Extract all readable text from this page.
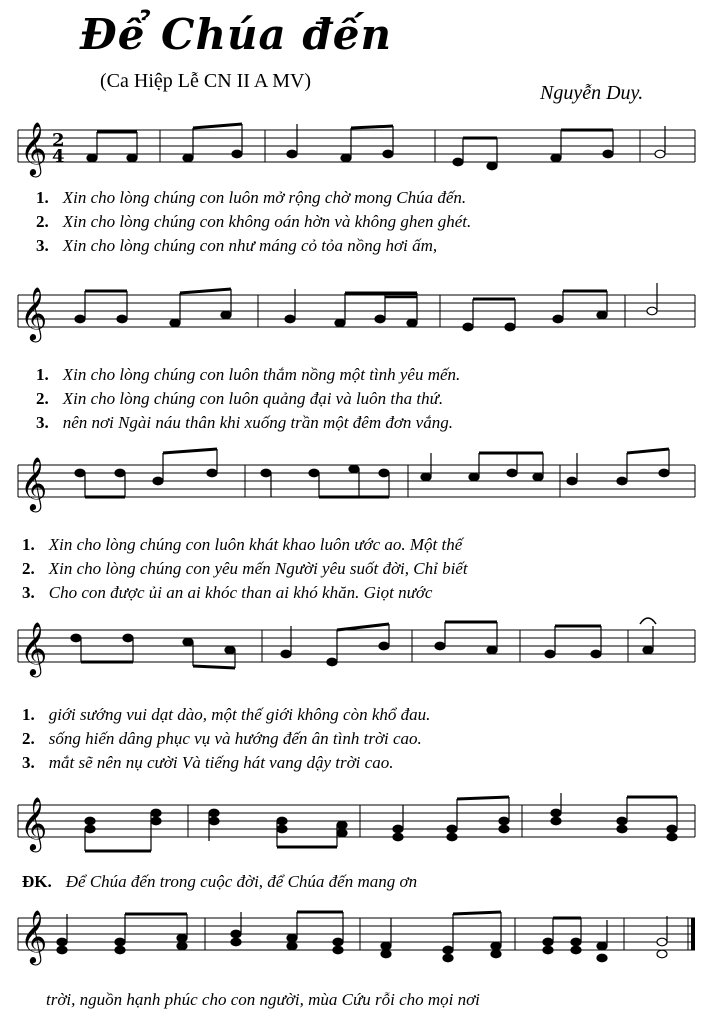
Để Chúa đến
(Ca Hiệp Lễ CN II A MV)
Nguyễn Duy.
𝄞 2
4
1. Xin cho lòng chúng con luôn mở rộng chờ mong Chúa đến.
2. Xin cho lòng chúng con không oán hờn và không ghen ghét.
3. Xin cho lòng chúng con như máng cỏ tỏa nồng hơi ấm,
𝄞
1. Xin cho lòng chúng con luôn thắm nồng một tình yêu mến.
2. Xin cho lòng chúng con luôn quảng đại và luôn tha thứ.
3. nên nơi Ngài náu thân khi xuống trần một đêm đơn vắng.
𝄞
1. Xin cho lòng chúng con luôn khát khao luôn ước ao. Một thế
2. Xin cho lòng chúng con yêu mến Người yêu suốt đời, Chỉ biết
3. Cho con được ủi an ai khóc than ai khó khăn. Giọt nước
𝄞
1. giới sướng vui dạt dào, một thế giới không còn khổ đau.
2. sống hiến dâng phục vụ và hướng đến ân tình trời cao.
3. mắt sẽ nên nụ cười Và tiếng hát vang dậy trời cao.
𝄞
ĐK. Để Chúa đến trong cuộc đời, để Chúa đến mang ơn
𝄞
trời, nguồn hạnh phúc cho con người, mùa Cứu rỗi cho mọi nơi
